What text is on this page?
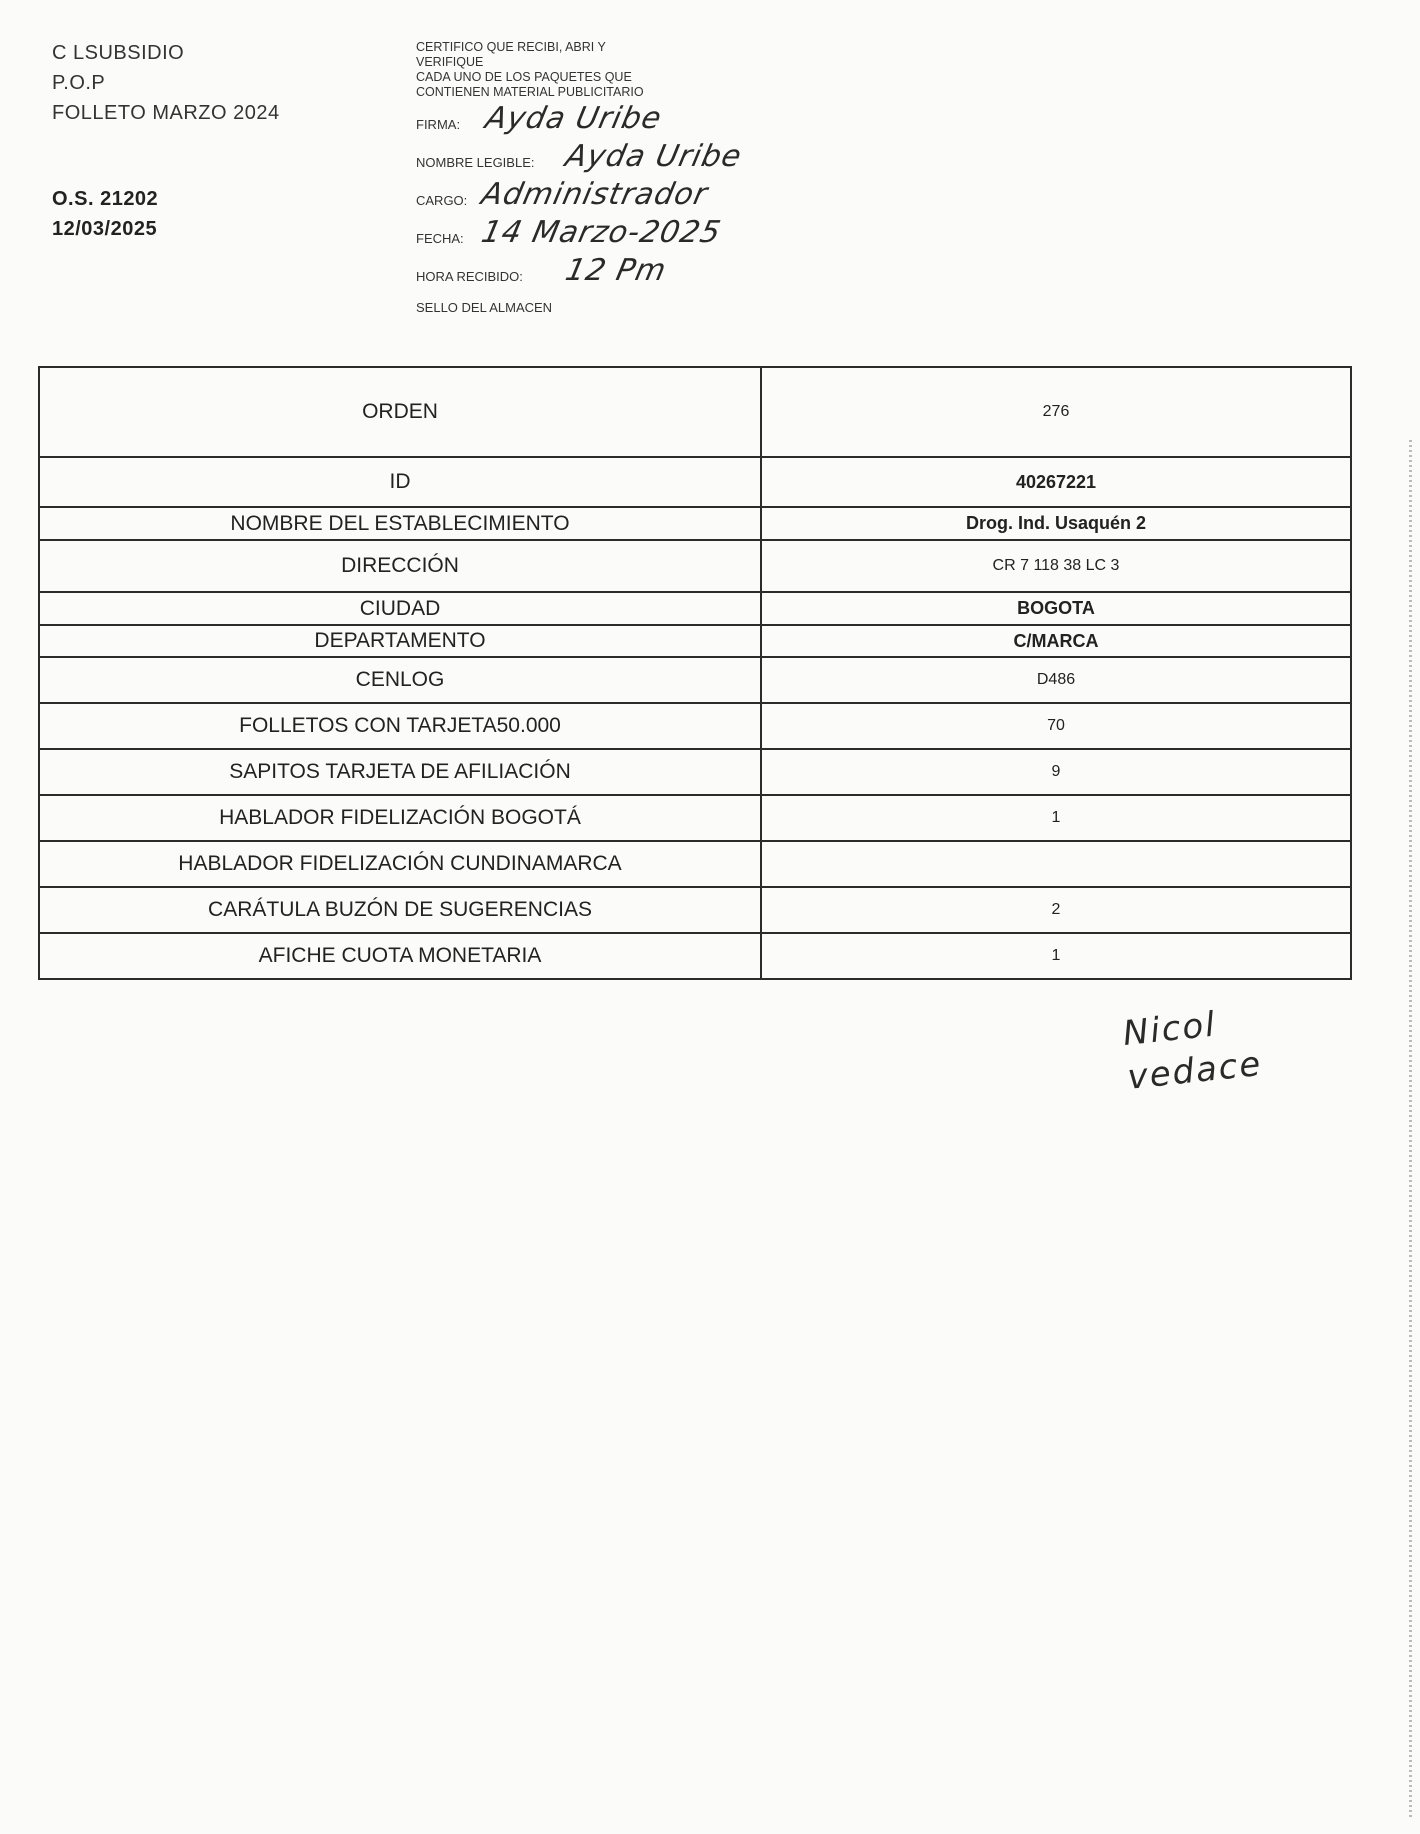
C LSUBSIDIO
P.O.P
FOLLETO MARZO 2024
O.S. 21202
12/03/2025
CERTIFICO QUE RECIBI, ABRI Y
VERIFIQUE
CADA UNO DE LOS PAQUETES QUE
CONTIENEN MATERIAL PUBLICITARIO
FIRMA: Ayda Uribe
NOMBRE LEGIBLE: Ayda Uribe
CARGO: Administrador
FECHA: 14 Marzo-2025
HORA RECIBIDO: 12 Pm
SELLO DEL ALMACEN
ORDEN	276
ID	40267221
NOMBRE DEL ESTABLECIMIENTO	Drog. Ind. Usaquén 2
DIRECCIÓN	CR 7 118 38 LC 3
CIUDAD	BOGOTA
DEPARTAMENTO	C/MARCA
CENLOG	D486
FOLLETOS CON TARJETA50.000	70
SAPITOS TARJETA DE AFILIACIÓN	9
HABLADOR FIDELIZACIÓN BOGOTÁ	1
HABLADOR FIDELIZACIÓN CUNDINAMARCA	
CARÁTULA BUZÓN DE SUGERENCIAS	2
AFICHE CUOTA MONETARIA	1
Nicol
vedace
